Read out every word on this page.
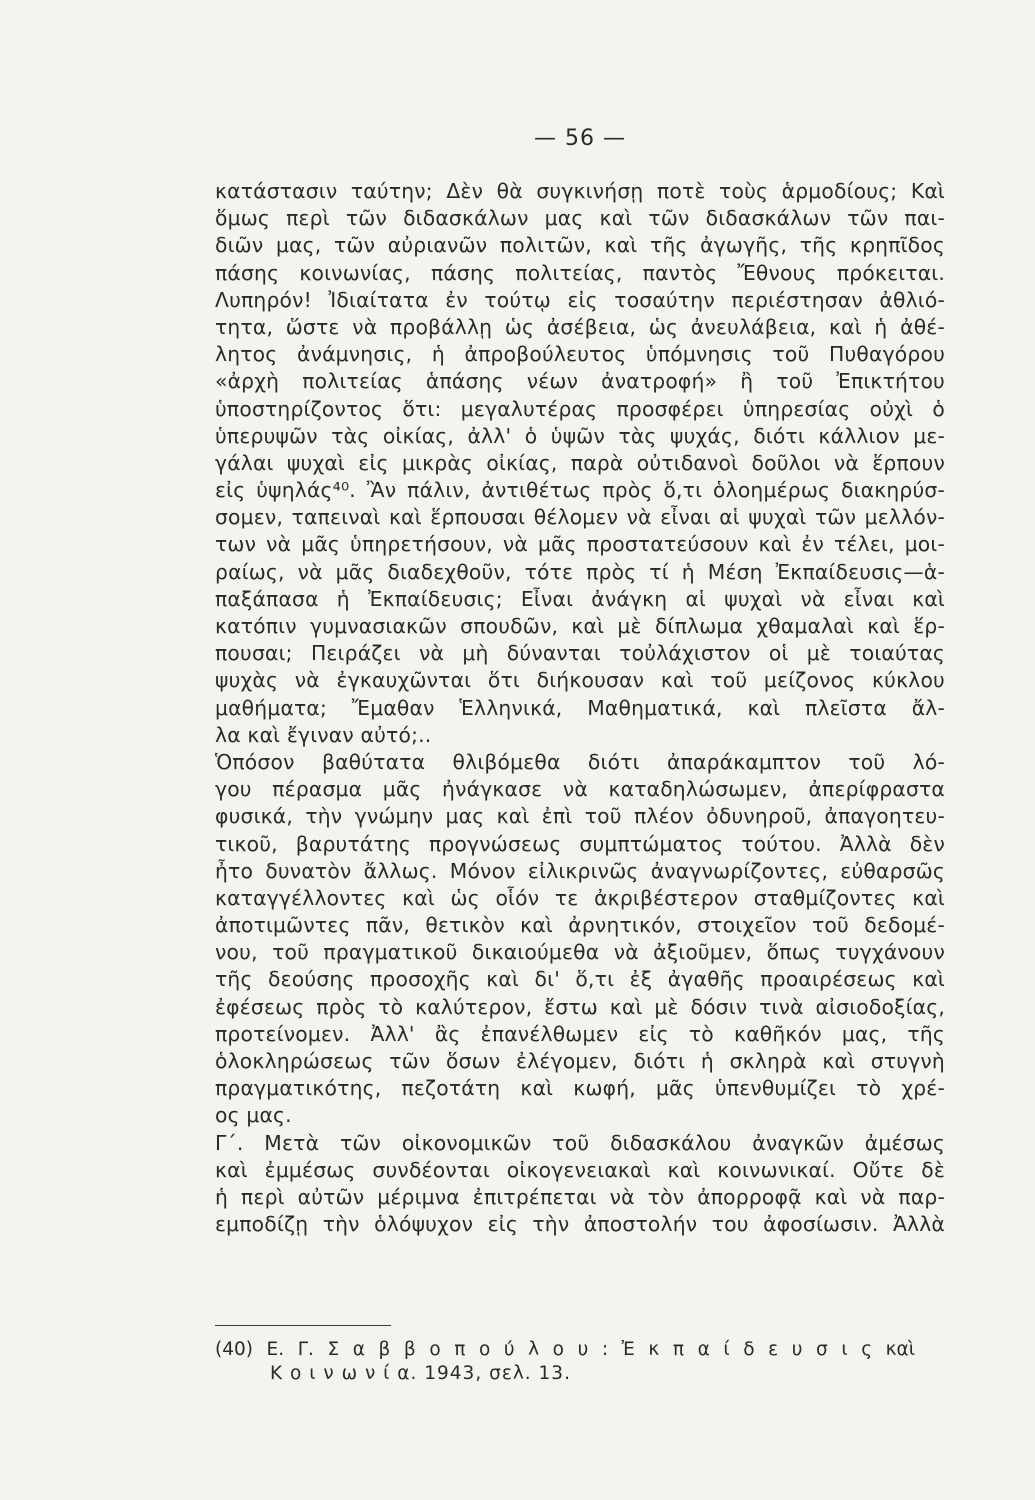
— 56 —
κατάστασιν ταύτην; Δὲν θὰ συγκινήσῃ ποτὲ τοὺς ἁρμοδίους; Καὶ
ὅμως περὶ τῶν διδασκάλων μας καὶ τῶν διδασκάλων τῶν παι-
διῶν μας, τῶν αὐριανῶν πολιτῶν, καὶ τῆς ἀγωγῆς, τῆς κρηπῖδος
πάσης κοινωνίας, πάσης πολιτείας, παντὸς Ἔθνους πρόκειται.
Λυπηρόν! Ἰδιαίτατα ἐν τούτῳ εἰς τοσαύτην περιέστησαν ἀθλιό-
τητα, ὥστε νὰ προβάλλῃ ὡς ἀσέβεια, ὡς ἀνευλάβεια, καὶ ἡ ἀθέ-
λητος ἀνάμνησις, ἡ ἀπροβούλευτος ὑπόμνησις τοῦ Πυθαγόρου
«ἀρχὴ πολιτείας ἁπάσης νέων ἀνατροφή» ἢ τοῦ Ἐπικτήτου
ὑποστηρίζοντος ὅτι: μεγαλυτέρας προσφέρει ὑπηρεσίας οὐχὶ ὁ
ὑπερυψῶν τὰς οἰκίας, ἀλλ' ὁ ὑψῶν τὰς ψυχάς, διότι κάλλιον με-
γάλαι ψυχαὶ εἰς μικρὰς οἰκίας, παρὰ οὐτιδανοὶ δοῦλοι νὰ ἕρπουν
εἰς ὑψηλάς⁴⁰. Ἂν πάλιν, ἀντιθέτως πρὸς ὅ,τι ὁλοημέρως διακηρύσ-
σομεν, ταπειναὶ καὶ ἕρπουσαι θέλομεν νὰ εἶναι αἱ ψυχαὶ τῶν μελλόν-
των νὰ μᾶς ὑπηρετήσουν, νὰ μᾶς προστατεύσουν καὶ ἐν τέλει, μοι-
ραίως, νὰ μᾶς διαδεχθοῦν, τότε πρὸς τί ἡ Μέση Ἐκπαίδευσις—ἁ-
παξάπασα ἡ Ἐκπαίδευσις; Εἶναι ἀνάγκη αἱ ψυχαὶ νὰ εἶναι καὶ
κατόπιν γυμνασιακῶν σπουδῶν, καὶ μὲ δίπλωμα χθαμαλαὶ καὶ ἕρ-
πουσαι; Πειράζει νὰ μὴ δύνανται τοὐλάχιστον οἱ μὲ τοιαύτας
ψυχὰς νὰ ἐγκαυχῶνται ὅτι διήκουσαν καὶ τοῦ μείζονος κύκλου
μαθήματα; Ἔμαθαν Ἑλληνικά, Μαθηματικά, καὶ πλεῖστα ἄλ-
λα καὶ ἔγιναν αὐτό;..
Ὁπόσον βαθύτατα θλιβόμεθα διότι ἀπαράκαμπτον τοῦ λό-
γου πέρασμα μᾶς ἠνάγκασε νὰ καταδηλώσωμεν, ἀπερίφραστα
φυσικά, τὴν γνώμην μας καὶ ἐπὶ τοῦ πλέον ὀδυνηροῦ, ἀπαγοητευ-
τικοῦ, βαρυτάτης προγνώσεως συμπτώματος τούτου. Ἀλλὰ δὲν
ἦτο δυνατὸν ἄλλως. Μόνον εἰλικρινῶς ἀναγνωρίζοντες, εὐθαρσῶς
καταγγέλλοντες καὶ ὡς οἷόν τε ἀκριβέστερον σταθμίζοντες καὶ
ἀποτιμῶντες πᾶν, θετικὸν καὶ ἀρνητικόν, στοιχεῖον τοῦ δεδομέ-
νου, τοῦ πραγματικοῦ δικαιούμεθα νὰ ἀξιοῦμεν, ὅπως τυγχάνουν
τῆς δεούσης προσοχῆς καὶ δι' ὅ,τι ἐξ ἀγαθῆς προαιρέσεως καὶ
ἐφέσεως πρὸς τὸ καλύτερον, ἔστω καὶ μὲ δόσιν τινὰ αἰσιοδοξίας,
προτείνομεν. Ἀλλ' ἂς ἐπανέλθωμεν εἰς τὸ καθῆκόν μας, τῆς
ὁλοκληρώσεως τῶν ὅσων ἐλέγομεν, διότι ἡ σκληρὰ καὶ στυγνὴ
πραγματικότης, πεζοτάτη καὶ κωφή, μᾶς ὑπενθυμίζει τὸ χρέ-
ος μας.
Γ΄. Μετὰ τῶν οἰκονομικῶν τοῦ διδασκάλου ἀναγκῶν ἀμέσως
καὶ ἐμμέσως συνδέονται οἰκογενειακαὶ καὶ κοινωνικαί. Οὔτε δὲ
ἡ περὶ αὐτῶν μέριμνα ἐπιτρέπεται νὰ τὸν ἀπορροφᾷ καὶ νὰ παρ-
εμποδίζῃ τὴν ὁλόψυχον εἰς τὴν ἀποστολήν του ἀφοσίωσιν. Ἀλλὰ
(40) Ε. Γ. Σ α β β ο π ο ύ λ ο υ : Ἐ κ π α ί δ ε υ σ ι ς καὶ
Κ ο ι ν ω ν ί α. 1943, σελ. 13.
